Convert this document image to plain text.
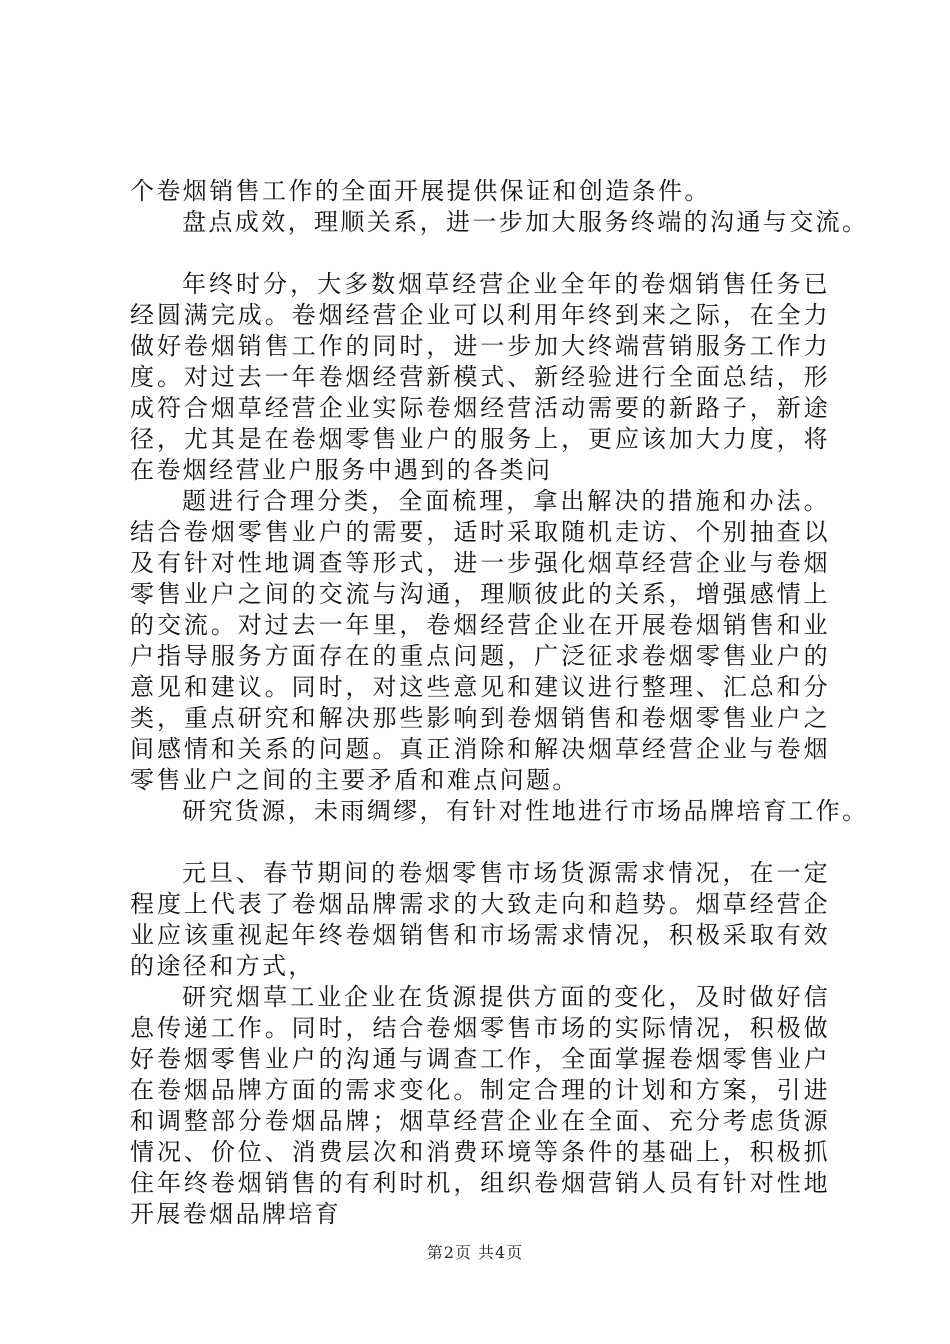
个卷烟销售工作的全面开展提供保证和创造条件。

盘点成效，理顺关系，进一步加大服务终端的沟通与交流。

年终时分，大多数烟草经营企业全年的卷烟销售任务已经圆满完成。卷烟经营企业可以利用年终到来之际，在全力做好卷烟销售工作的同时，进一步加大终端营销服务工作力度。对过去一年卷烟经营新模式、新经验进行全面总结，形成符合烟草经营企业实际卷烟经营活动需要的新路子，新途径，尤其是在卷烟零售业户的服务上，更应该加大力度，将在卷烟经营业户服务中遇到的各类问

题进行合理分类，全面梳理，拿出解决的措施和办法。结合卷烟零售业户的需要，适时采取随机走访、个别抽查以及有针对性地调查等形式，进一步强化烟草经营企业与卷烟零售业户之间的交流与沟通，理顺彼此的关系，增强感情上的交流。对过去一年里，卷烟经营企业在开展卷烟销售和业户指导服务方面存在的重点问题，广泛征求卷烟零售业户的意见和建议。同时，对这些意见和建议进行整理、汇总和分类，重点研究和解决那些影响到卷烟销售和卷烟零售业户之间感情和关系的问题。真正消除和解决烟草经营企业与卷烟零售业户之间的主要矛盾和难点问题。

研究货源，未雨绸缪，有针对性地进行市场品牌培育工作。

元旦、春节期间的卷烟零售市场货源需求情况，在一定程度上代表了卷烟品牌需求的大致走向和趋势。烟草经营企业应该重视起年终卷烟销售和市场需求情况，积极采取有效的途径和方式，

研究烟草工业企业在货源提供方面的变化，及时做好信息传递工作。同时，结合卷烟零售市场的实际情况，积极做好卷烟零售业户的沟通与调查工作，全面掌握卷烟零售业户在卷烟品牌方面的需求变化。制定合理的计划和方案，引进和调整部分卷烟品牌；烟草经营企业在全面、充分考虑货源情况、价位、消费层次和消费环境等条件的基础上，积极抓住年终卷烟销售的有利时机，组织卷烟营销人员有针对性地开展卷烟品牌培育

第2页 共4页
